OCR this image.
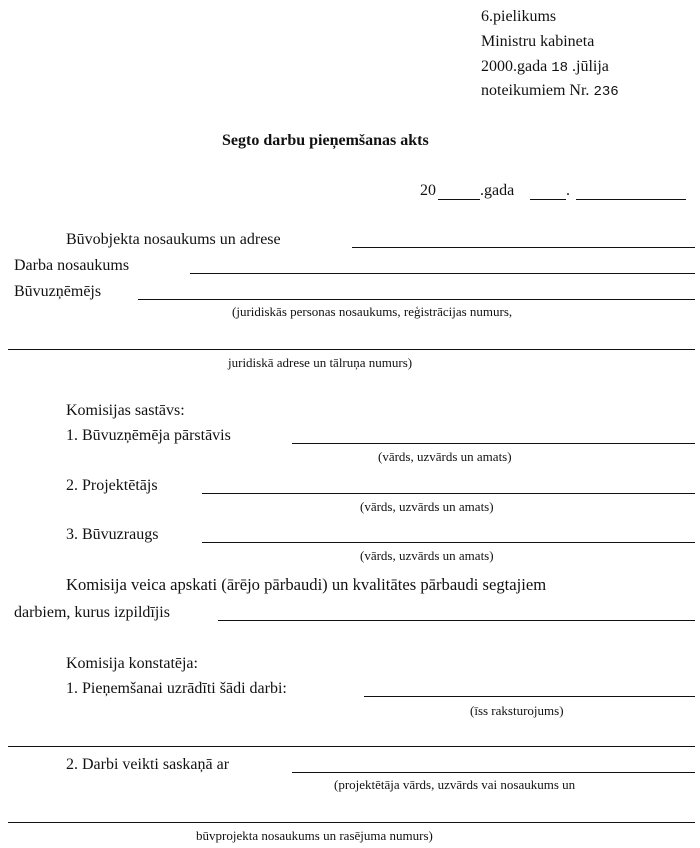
6.pielikums
Ministru kabineta
2000.gada 18 .jūlija
noteikumiem Nr. 236
Segto darbu pieņemšanas akts
20	.gada	.
Būvobjekta nosaukums un adrese
Darba nosaukums
Būvuzņēmējs
(juridiskās personas nosaukums, reģistrācijas numurs,
juridiskā adrese un tālruņa numurs)
Komisijas sastāvs:
1. Būvuzņēmēja pārstāvis
(vārds, uzvārds un amats)
2. Projektētājs
(vārds, uzvārds un amats)
3. Būvuzraugs
(vārds, uzvārds un amats)
Komisija veica apskati (ārējo pārbaudi) un kvalitātes pārbaudi segtajiem
darbiem, kurus izpildījis
Komisija konstatēja:
1. Pieņemšanai uzrādīti šādi darbi:
(īss raksturojums)
2. Darbi veikti saskaņā ar
(projektētāja vārds, uzvārds vai nosaukums un
būvprojekta nosaukums un rasējuma numurs)
